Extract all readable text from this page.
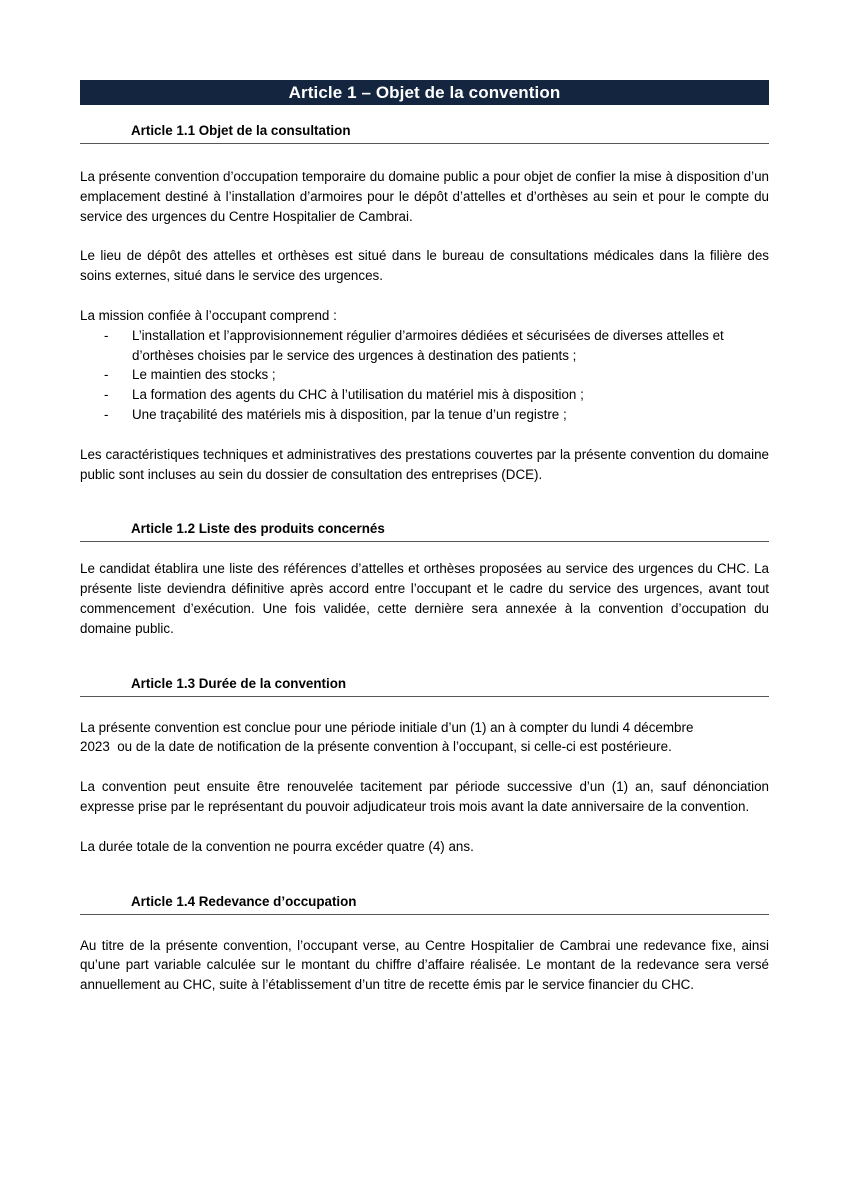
Article 1 – Objet de la convention
Article 1.1 Objet de la consultation

La présente convention d’occupation temporaire du domaine public a pour objet de confier la mise à disposition d’un emplacement destiné à l’installation d’armoires pour le dépôt d’attelles et d’orthèses au sein et pour le compte du service des urgences du Centre Hospitalier de Cambrai.

Le lieu de dépôt des attelles et orthèses est situé dans le bureau de consultations médicales dans la filière des soins externes, situé dans le service des urgences.

La mission confiée à l’occupant comprend :

- L’installation et l’approvisionnement régulier d’armoires dédiées et sécurisées de diverses attelles et d’orthèses choisies par le service des urgences à destination des patients ;
- Le maintien des stocks ;
- La formation des agents du CHC à l’utilisation du matériel mis à disposition ;
- Une traçabilité des matériels mis à disposition, par la tenue d’un registre ;

Les caractéristiques techniques et administratives des prestations couvertes par la présente convention du domaine public sont incluses au sein du dossier de consultation des entreprises (DCE).

Article 1.2 Liste des produits concernés

Le candidat établira une liste des références d’attelles et orthèses proposées au service des urgences du CHC. La présente liste deviendra définitive après accord entre l’occupant et le cadre du service des urgences, avant tout commencement d’exécution. Une fois validée, cette dernière sera annexée à la convention d’occupation du domaine public.

Article 1.3 Durée de la convention
La présente convention est conclue pour une période initiale d’un (1) an à compter du lundi 4 décembre
2023  ou de la date de notification de la présente convention à l’occupant, si celle-ci est postérieure.

La convention peut ensuite être renouvelée tacitement par période successive d’un (1) an, sauf dénonciation expresse prise par le représentant du pouvoir adjudicateur trois mois avant la date anniversaire de la convention.

La durée totale de la convention ne pourra excéder quatre (4) ans.

Article 1.4 Redevance d’occupation

Au titre de la présente convention, l’occupant verse, au Centre Hospitalier de Cambrai une redevance fixe, ainsi qu’une part variable calculée sur le montant du chiffre d’affaire réalisée. Le montant de la redevance sera versé annuellement au CHC, suite à l’établissement d’un titre de recette émis par le service financier du CHC.
